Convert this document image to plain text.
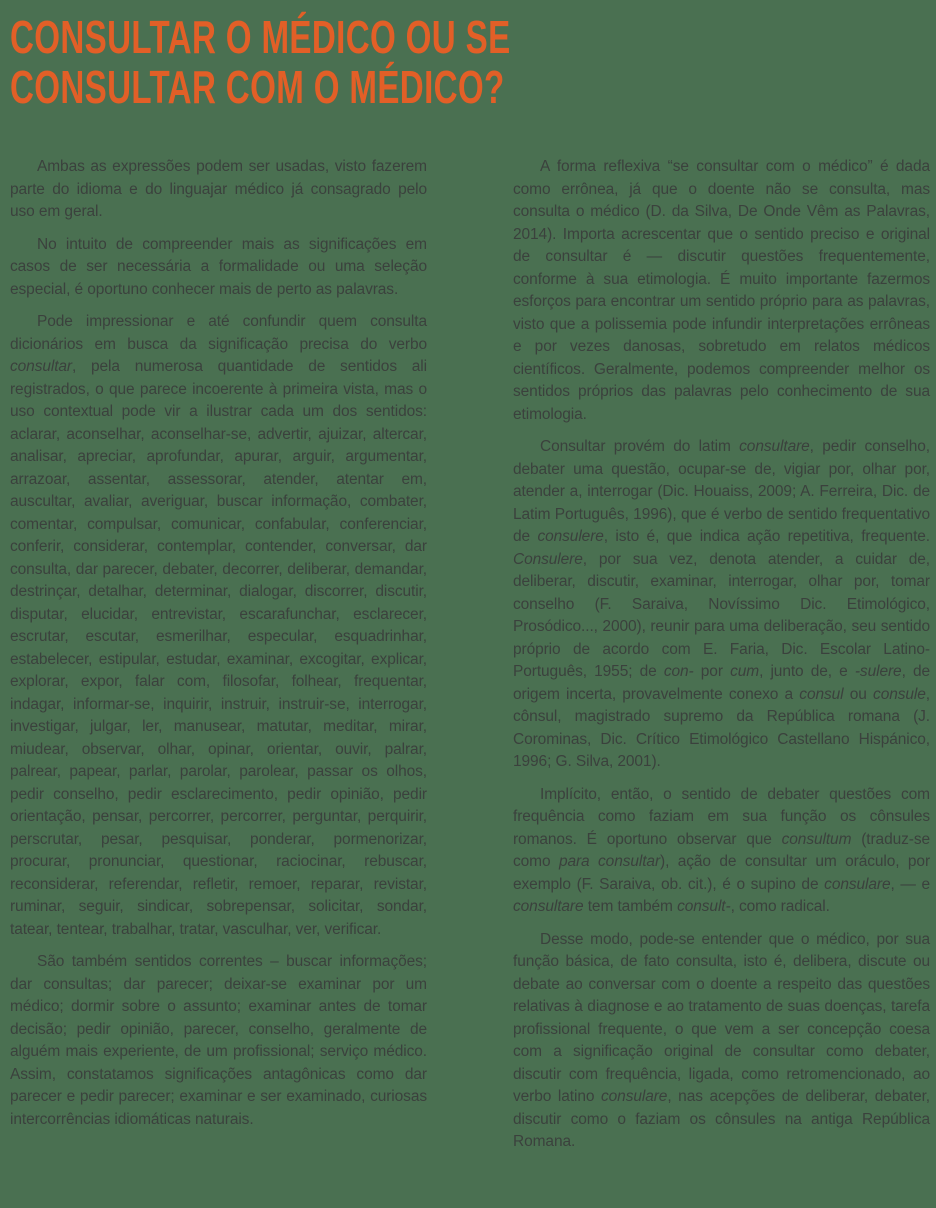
CONSULTAR O MÉDICO OU SE
CONSULTAR COM O MÉDICO?

Ambas as expressões podem ser usadas, visto fazerem parte do idioma e do linguajar médico já consagrado pelo uso em geral.

No intuito de compreender mais as significações em casos de ser necessária a formalidade ou uma seleção especial, é oportuno conhecer mais de perto as palavras.

Pode impressionar e até confundir quem consulta dicionários em busca da significação precisa do verbo consultar, pela numerosa quantidade de sentidos ali registrados, o que parece incoerente à primeira vista, mas o uso contextual pode vir a ilustrar cada um dos sentidos: aclarar, aconselhar, aconselhar-se, advertir, ajuizar, altercar, analisar, apreciar, aprofundar, apurar, arguir, argumentar, arrazoar, assentar, assessorar, atender, atentar em, auscultar, avaliar, averiguar, buscar informação, combater, comentar, compulsar, comunicar, confabular, conferenciar, conferir, considerar, contemplar, contender, conversar, dar consulta, dar parecer, debater, decorrer, deliberar, demandar, destrinçar, detalhar, determinar, dialogar, discorrer, discutir, disputar, elucidar, entrevistar, escarafunchar, esclarecer, escrutar, escutar, esmerilhar, especular, esquadrinhar, estabelecer, estipular, estudar, examinar, excogitar, explicar, explorar, expor, falar com, filosofar, folhear, frequentar, indagar, informar-se, inquirir, instruir, instruir-se, interrogar, investigar, julgar, ler, manusear, matutar, meditar, mirar, miudear, observar, olhar, opinar, orientar, ouvir, palrar, palrear, papear, parlar, parolar, parolear, passar os olhos, pedir conselho, pedir esclarecimento, pedir opinião, pedir orientação, pensar, percorrer, percorrer, perguntar, perquirir, perscrutar, pesar, pesquisar, ponderar, pormenorizar, procurar, pronunciar, questionar, raciocinar, rebuscar, reconsiderar, referendar, refletir, remoer, reparar, revistar, ruminar, seguir, sindicar, sobrepensar, solicitar, sondar, tatear, tentear, trabalhar, tratar, vasculhar, ver, verificar.

São também sentidos correntes – buscar informações; dar consultas; dar parecer; deixar-se examinar por um médico; dormir sobre o assunto; examinar antes de tomar decisão; pedir opinião, parecer, conselho, geralmente de alguém mais experiente, de um profissional; serviço médico. Assim, constatamos significações antagônicas como dar parecer e pedir parecer; examinar e ser examinado, curiosas intercorrências idiomáticas naturais.

A forma reflexiva “se consultar com o médico” é dada como errônea, já que o doente não se consulta, mas consulta o médico (D. da Silva, De Onde Vêm as Palavras, 2014). Importa acrescentar que o sentido preciso e original de consultar é — discutir questões frequentemente, conforme à sua etimologia. É muito importante fazermos esforços para encontrar um sentido próprio para as palavras, visto que a polissemia pode infundir interpretações errôneas e por vezes danosas, sobretudo em relatos médicos científicos. Geralmente, podemos compreender melhor os sentidos próprios das palavras pelo conhecimento de sua etimologia.

Consultar provém do latim consultare, pedir conselho, debater uma questão, ocupar-se de, vigiar por, olhar por, atender a, interrogar (Dic. Houaiss, 2009; A. Ferreira, Dic. de Latim Português, 1996), que é verbo de sentido frequentativo de consulere, isto é, que indica ação repetitiva, frequente. Consulere, por sua vez, denota atender, a cuidar de, deliberar, discutir, examinar, interrogar, olhar por, tomar conselho (F. Saraiva, Novíssimo Dic. Etimológico, Prosódico..., 2000), reunir para uma deliberação, seu sentido próprio de acordo com E. Faria, Dic. Escolar Latino-Português, 1955; de con- por cum, junto de, e -sulere, de origem incerta, provavelmente conexo a consul ou consule, cônsul, magistrado supremo da República romana (J. Corominas, Dic. Crítico Etimológico Castellano Hispánico, 1996; G. Silva, 2001).

Implícito, então, o sentido de debater questões com frequência como faziam em sua função os cônsules romanos. É oportuno observar que consultum (traduz-se como para consultar), ação de consultar um oráculo, por exemplo (F. Saraiva, ob. cit.), é o supino de consulare, — e consultare tem também consult-, como radical.

Desse modo, pode-se entender que o médico, por sua função básica, de fato consulta, isto é, delibera, discute ou debate ao conversar com o doente a respeito das questões relativas à diagnose e ao tratamento de suas doenças, tarefa profissional frequente, o que vem a ser concepção coesa com a significação original de consultar como debater, discutir com frequência, ligada, como retromencionado, ao verbo latino consulare, nas acepções de deliberar, debater, discutir como o faziam os cônsules na antiga República Romana.
